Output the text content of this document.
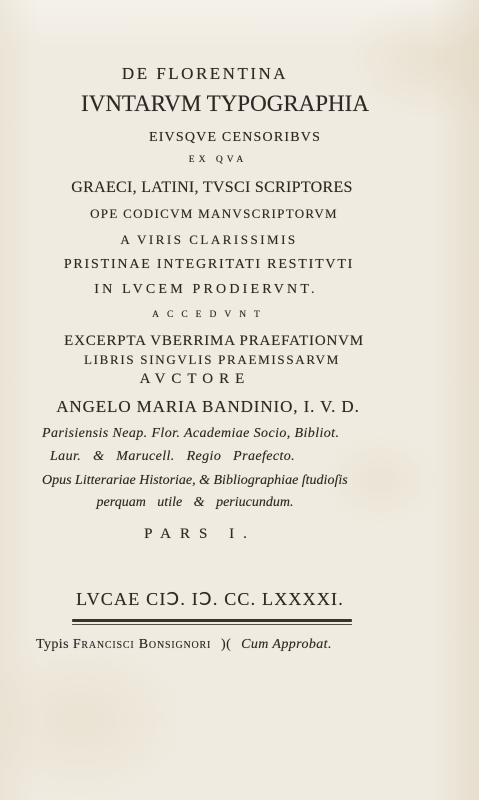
DE FLORENTINA
IVNTARVM TYPOGRAPHIA
EIVSQVE CENSORIBVS
EX QVA
GRAECI, LATINI, TVSCI SCRIPTORES
OPE CODICVM MANVSCRIPTORVM
A VIRIS CLARISSIMIS
PRISTINAE INTEGRITATI RESTITVTI
IN LVCEM PRODIERVNT.
ACCEDVNT
EXCERPTA VBERRIMA PRAEFATIONVM
LIBRIS SINGVLIS PRAEMISSARVM
AVCTORE
ANGELO MARIA BANDINIO, I. V. D.
Parisiensis Neap. Flor. Academiae Socio, Bibliot.
Laur. & Marucell. Regio Praefecto.
Opus Litterariae Historiae, & Bibliographiae ſtudioſis
perquam utile & periucundum.
PARS I.
LVCAE CIↃ. IↃ. CC. LXXXXI.
Typis Francisci Bonsignori )( Cum Approbat.
